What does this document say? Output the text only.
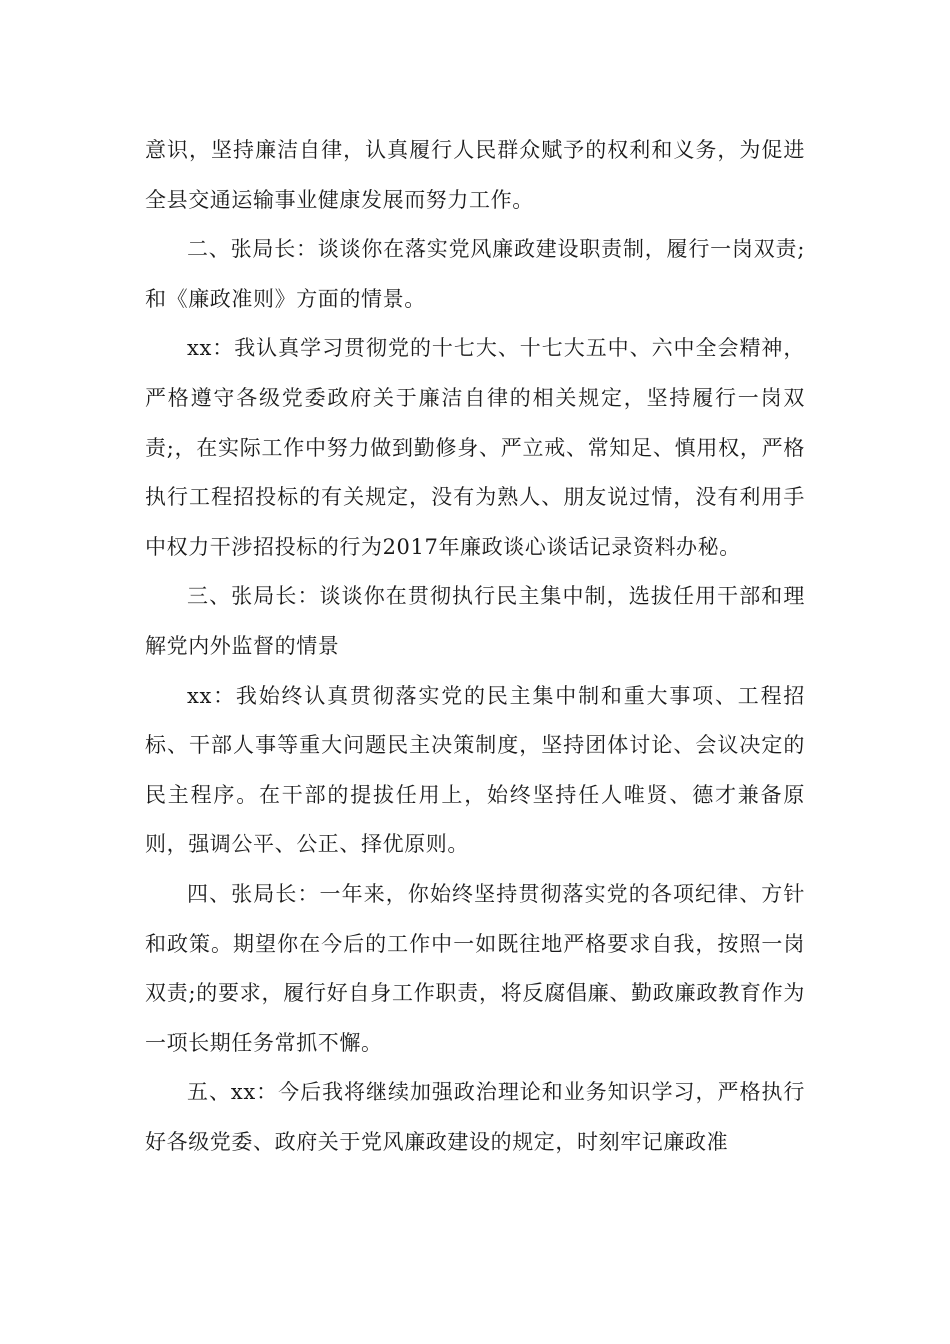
意识，坚持廉洁自律，认真履行人民群众赋予的权利和义务，为促进全县交通运输事业健康发展而努力工作。

二、张局长：谈谈你在落实党风廉政建设职责制，履行一岗双责;和《廉政准则》方面的情景。

xx：我认真学习贯彻党的十七大、十七大五中、六中全会精神，严格遵守各级党委政府关于廉洁自律的相关规定，坚持履行一岗双责;，在实际工作中努力做到勤修身、严立戒、常知足、慎用权，严格执行工程招投标的有关规定，没有为熟人、朋友说过情，没有利用手中权力干涉招投标的行为2017年廉政谈心谈话记录资料办秘。

三、张局长：谈谈你在贯彻执行民主集中制，选拔任用干部和理解党内外监督的情景

xx：我始终认真贯彻落实党的民主集中制和重大事项、工程招标、干部人事等重大问题民主决策制度，坚持团体讨论、会议决定的民主程序。在干部的提拔任用上，始终坚持任人唯贤、德才兼备原则，强调公平、公正、择优原则。

四、张局长：一年来，你始终坚持贯彻落实党的各项纪律、方针和政策。期望你在今后的工作中一如既往地严格要求自我，按照一岗双责;的要求，履行好自身工作职责，将反腐倡廉、勤政廉政教育作为一项长期任务常抓不懈。

五、xx：今后我将继续加强政治理论和业务知识学习，严格执行好各级党委、政府关于党风廉政建设的规定，时刻牢记廉政准
